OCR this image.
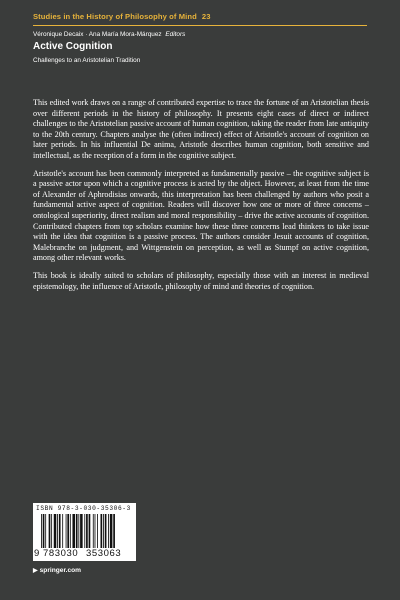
Studies in the History of Philosophy of Mind 23
Véronique Decaix · Ana María Mora-Márquez Editors
Active Cognition
Challenges to an Aristotelian Tradition

This edited work draws on a range of contributed expertise to trace the fortune of an Aristotelian thesis over different periods in the history of philosophy. It presents eight cases of direct or indirect challenges to the Aristotelian passive account of human cognition, taking the reader from late antiquity to the 20th century. Chapters analyse the (often indirect) effect of Aristotle's account of cognition on later periods. In his influential De anima, Aristotle describes human cognition, both sensitive and intellectual, as the reception of a form in the cognitive subject.

Aristotle's account has been commonly interpreted as fundamentally passive – the cognitive subject is a passive actor upon which a cognitive process is acted by the object. However, at least from the time of Alexander of Aphrodisias onwards, this interpretation has been challenged by authors who posit a fundamental active aspect of cognition. Readers will discover how one or more of three concerns – ontological superiority, direct realism and moral responsibility – drive the active accounts of cognition. Contributed chapters from top scholars examine how these three concerns lead thinkers to take issue with the idea that cognition is a passive process. The authors consider Jesuit accounts of cognition, Malebranche on judgment, and Wittgenstein on perception, as well as Stumpf on active cognition, among other relevant works.

This book is ideally suited to scholars of philosophy, especially those with an interest in medieval epistemology, the influence of Aristotle, philosophy of mind and theories of cognition.

ISBN 978-3-030-35306-3
9 783030 353063
▶ springer.com
